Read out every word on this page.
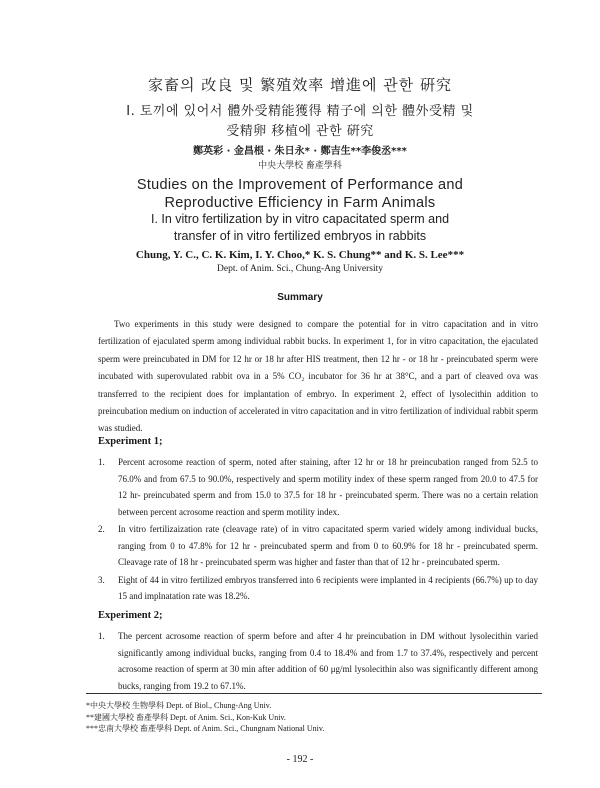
家畜의 改良 및 繁殖效率 增進에 관한 硏究
Ⅰ. 토끼에 있어서 體外受精能獲得 精子에 의한 體外受精 및
受精卵 移植에 관한 硏究
鄭英彩 · 金昌根 · 朱日永* · 鄭吉生**李俊丞***
中央大學校 畜產學科
Studies on the Improvement of Performance and
Reproductive Efficiency in Farm Animals
I. In vitro fertilization by in vitro capacitated sperm and
transfer of in vitro fertilized embryos in rabbits
Chung, Y. C., C. K. Kim, I. Y. Choo,* K. S. Chung** and K. S. Lee***
Dept. of Anim. Sci., Chung-Ang University
Summary

Two experiments in this study were designed to compare the potential for in vitro capacitation and in vitro fertilization of ejaculated sperm among individual rabbit bucks. In experiment 1, for in vitro capacitation, the ejaculated sperm were preincubated in DM for 12 hr or 18 hr after HIS treatment, then 12 hr - or 18 hr - preincubated sperm were incubated with superovulated rabbit ova in a 5% CO₂ incubator for 36 hr at 38°C, and a part of cleaved ova was transferred to the recipient does for implantation of embryo. In experiment 2, effect of lysolecithin addition to preincubation medium on induction of accelerated in vitro capacitation and in vitro fertilization of individual rabbit sperm was studied.

Experiment 1;
1. Percent acrosome reaction of sperm, noted after staining, after 12 hr or 18 hr preincubation ranged from 52.5 to 76.0% and from 67.5 to 90.0%, respectively and sperm motility index of these sperm ranged from 20.0 to 47.5 for 12 hr- preincubated sperm and from 15.0 to 37.5 for 18 hr - preincubated sperm. There was no a certain relation between percent acrosome reaction and sperm motility index.
2. In vitro fertilizaization rate (cleavage rate) of in vitro capacitated sperm varied widely among individual bucks, ranging from 0 to 47.8% for 12 hr - preincubated sperm and from 0 to 60.9% for 18 hr - preincubated sperm. Cleavage rate of 18 hr - preincubated sperm was higher and faster than that of 12 hr - preincubated sperm.
3. Eight of 44 in vitro fertilized embryos transferred into 6 recipients were implanted in 4 recipients (66.7%) up to day 15 and implnatation rate was 18.2%.
Experiment 2;
1. The percent acrosome reaction of sperm before and after 4 hr preincubation in DM without lysolecithin varied significantly among individual bucks, ranging from 0.4 to 18.4% and from 1.7 to 37.4%, respectively and percent acrosome reaction of sperm at 30 min after addition of 60 μg/ml lysolecithin also was significantly different among bucks, ranging from 19.2 to 67.1%.
*中央大學校 生物學科 Dept. of Biol., Chung-Ang Univ.
**建國大學校 畜產學科 Dept. of Anim. Sci., Kon-Kuk Univ.
***忠南大學校 畜產學科 Dept. of Anim. Sci., Chungnam National Univ.
- 192 -
